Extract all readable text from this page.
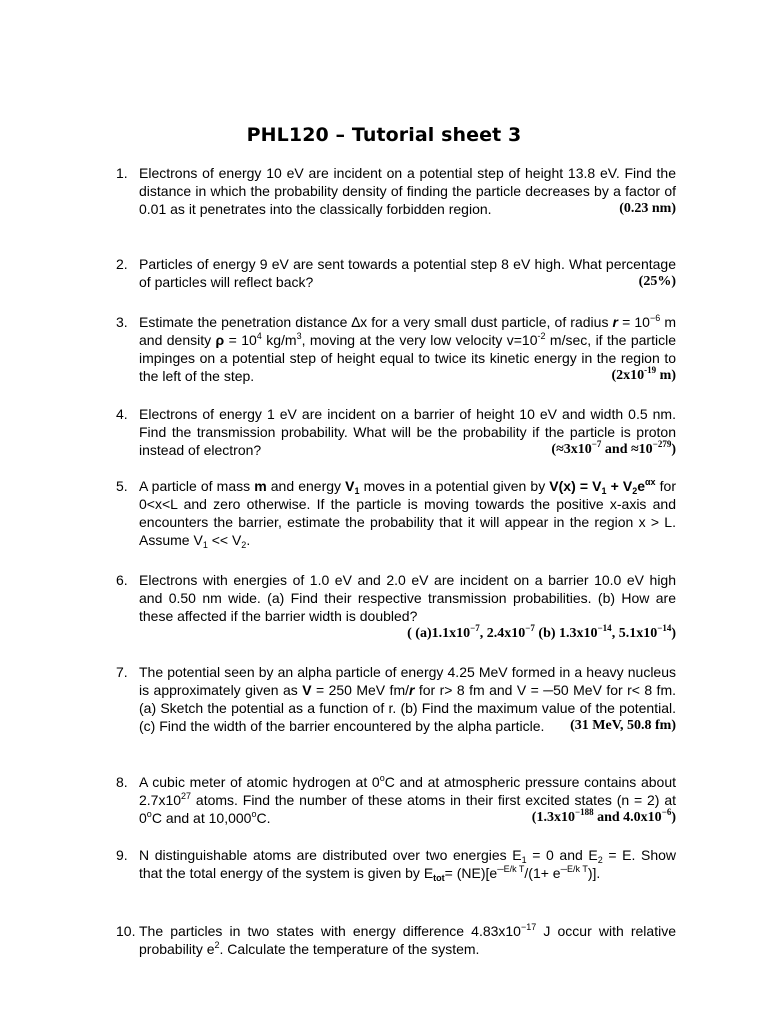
PHL120 – Tutorial sheet 3
1. Electrons of energy 10 eV are incident on a potential step of height 13.8 eV. Find the distance in which the probability density of finding the particle decreases by a factor of 0.01 as it penetrates into the classically forbidden region.	(0.23 nm)
2. Particles of energy 9 eV are sent towards a potential step 8 eV high. What percentage of particles will reflect back?	(25%)
3. Estimate the penetration distance ∆x for a very small dust particle, of radius $r = 10^{-6}$ m and density $\rho = 10^4$ $kg/m^3$, moving at the very low velocity $v=10^{-2}$ m/sec, if the particle impinges on a potential step of height equal to twice its kinetic energy in the region to the left of the step.	($2x10^{-19}$ m)
4. Electrons of energy 1 eV are incident on a barrier of height 10 eV and width 0.5 nm. Find the transmission probability. What will be the probability if the particle is proton instead of electron?	($\approx 3x10^{-7}$ and $\approx 10^{-279}$)
5. A particle of mass m and energy $V_1$ moves in a potential given by $V(x) = V_1 + V_2e^{\alpha x}$ for 0<x<L and zero otherwise. If the particle is moving towards the positive x-axis and encounters the barrier, estimate the probability that it will appear in the region x > L. Assume $V_1 << V_2$.
6. Electrons with energies of 1.0 eV and 2.0 eV are incident on a barrier 10.0 eV high and 0.50 nm wide. (a) Find their respective transmission probabilities. (b) How are these affected if the barrier width is doubled?
( $(a)1.1x10^{-7}$, $2.4x10^{-7}$ (b) $1.3x10^{-14}$, $5.1x10^{-14}$)
7. The potential seen by an alpha particle of energy 4.25 MeV formed in a heavy nucleus is approximately given as V = 250 MeV fm/r for r> 8 fm and V = ─50 MeV for r< 8 fm. (a) Sketch the potential as a function of r. (b) Find the maximum value of the potential. (c) Find the width of the barrier encountered by the alpha particle. (31 MeV, 50.8 fm)
8. A cubic meter of atomic hydrogen at 0$^o$C and at atmospheric pressure contains about $2.7x10^{27}$ atoms. Find the number of these atoms in their first excited states (n = 2) at 0$^o$C and at 10,000$^o$C.	($1.3x10^{-188}$ and $4.0x10^{-6}$)
9. N distinguishable atoms are distributed over two energies $E_1 = 0$ and $E_2 = E$. Show that the total energy of the system is given by $E_{tot}= (NE)[e^{─E/k T}/(1+ e^{─E/k T})]$.
10. The particles in two states with energy difference $4.83x10^{-17}$ J occur with relative probability $e^2$. Calculate the temperature of the system.
